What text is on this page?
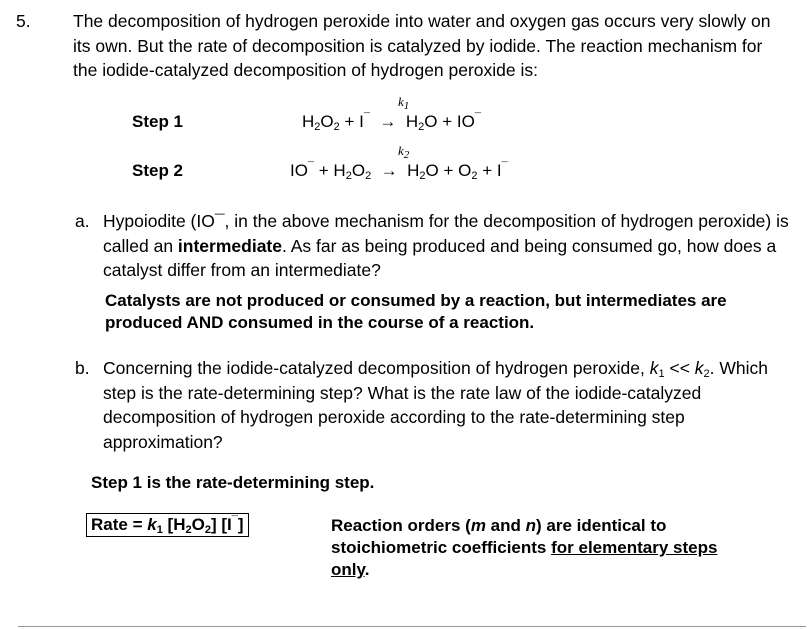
5. The decomposition of hydrogen peroxide into water and oxygen gas occurs very slowly on its own. But the rate of decomposition is catalyzed by iodide. The reaction mechanism for the iodide-catalyzed decomposition of hydrogen peroxide is:
Step 1
$k_1$
$H_2O_2 + I^¯ \to H_2O + IO^¯$
Step 2
$k_2$
$IO^¯ + H_2O_2 \to H_2O + O_2 + I^¯$
a. Hypoiodite (IO¯, in the above mechanism for the decomposition of hydrogen peroxide) is called an intermediate. As far as being produced and being consumed go, how does a catalyst differ from an intermediate?
Catalysts are not produced or consumed by a reaction, but intermediates are produced AND consumed in the course of a reaction.
b. Concerning the iodide-catalyzed decomposition of hydrogen peroxide, $k_1 << k_2$. Which step is the rate-determining step? What is the rate law of the iodide-catalyzed decomposition of hydrogen peroxide according to the rate-determining step approximation?
Step 1 is the rate-determining step.
Rate = $k_1$ $[H_2O_2]$ [I¯]	Reaction orders (m and n) are identical to stoichiometric coefficients for elementary steps only.
